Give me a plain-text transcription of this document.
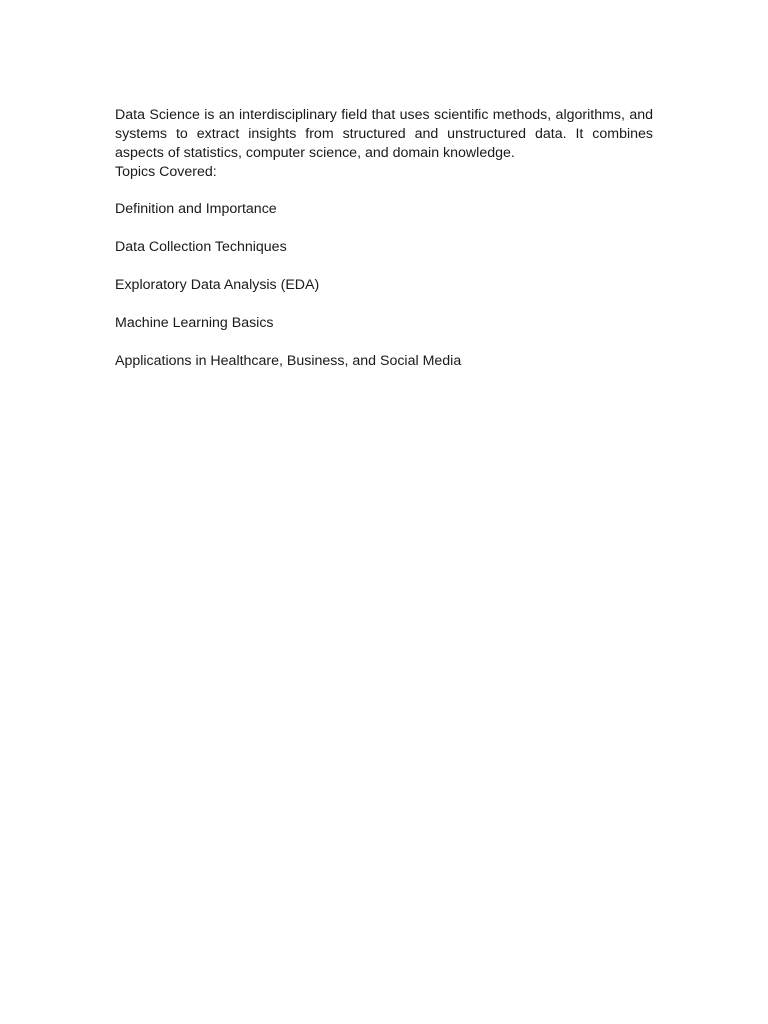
Data Science is an interdisciplinary field that uses scientific methods, algorithms, and systems to extract insights from structured and unstructured data. It combines aspects of statistics, computer science, and domain knowledge.

Topics Covered:

Definition and Importance
Data Collection Techniques
Exploratory Data Analysis (EDA)
Machine Learning Basics
Applications in Healthcare, Business, and Social Media
